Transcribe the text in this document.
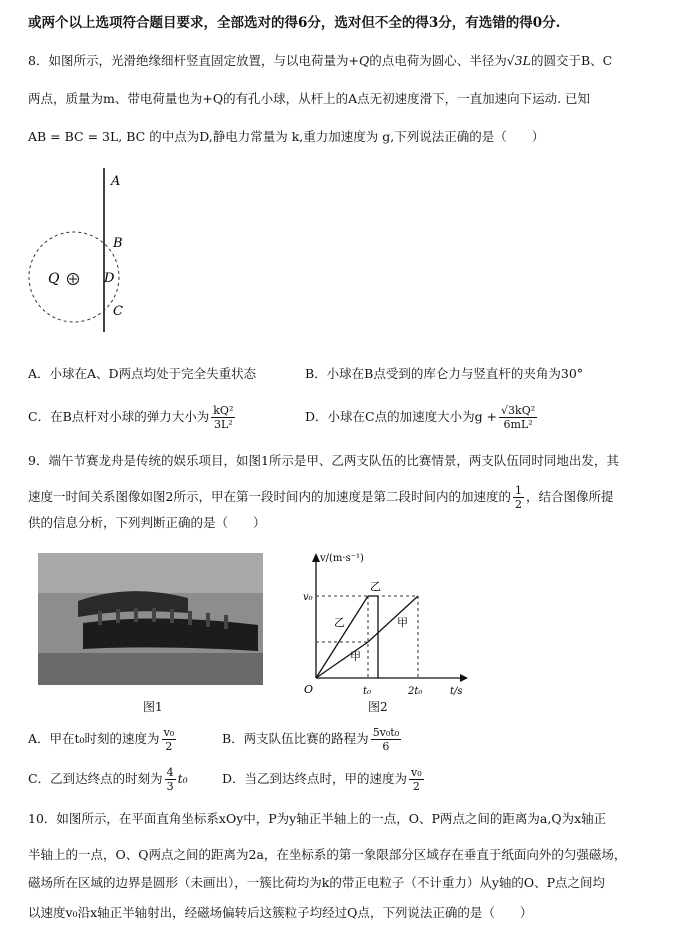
或两个以上选项符合题目要求，全部选对的得6分，选对但不全的得3分，有选错的得0分.
8．如图所示，光滑绝缘细杆竖直固定放置，与以电荷量为+Q的点电荷为圆心、半径为√3L的圆交于B、C
两点，质量为m、带电荷量也为+Q的有孔小球，从杆上的A点无初速度滑下，一直加速向下运动. 已知
AB = BC = 3L, BC 的中点为D,静电力常量为 k,重力加速度为 g,下列说法正确的是（　　）
A
B
Q	D
C
A．小球在A、D两点均处于完全失重状态	B．小球在B点受到的库仑力与竖直杆的夹角为30°
C．在B点杆对小球的弹力大小为 $\frac{\text{kQ²}}{\text{3L²}}$	D．小球在C点的加速度大小为$g + \frac{\text{√3kQ²}}{\text{6mL²}}$
9．端午节赛龙舟是传统的娱乐项目，如图1所示是甲、乙两支队伍的比赛情景，两支队伍同时同地出发，其
速度一时间关系图像如图2所示，甲在第一段时间内的加速度是第二段时间内的加速度的 $\frac{1}{2}$ ，结合图像所提
供的信息分析，下列判断正确的是（　　）
图1
v/(m·s⁻¹)
t/s
O
v₀
t₀	2t₀
乙
乙	甲
甲
图2
A．甲在t₀时刻的速度为 $\frac{\text{v₀}}{2}$	B．两支队伍比赛的路程为 $\frac{\text{5v₀t₀}}{6}$
C．乙到达终点的时刻为 $\frac{4}{3} t_0$	D．当乙到达终点时，甲的速度为 $\frac{\text{v₀}}{2}$
10．如图所示，在平面直角坐标系xOy中，P为y轴正半轴上的一点，O、P两点之间的距离为a,Q为x轴正
半轴上的一点，O、Q两点之间的距离为2a，在坐标系的第一象限部分区域存在垂直于纸面向外的匀强磁场，
磁场所在区域的边界是圆形（未画出），一簇比荷均为k的带正电粒子（不计重力）从y轴的O、P点之间均
以速度v₀沿x轴正半轴射出，经磁场偏转后这簇粒子均经过Q点，下列说法正确的是（　　）
